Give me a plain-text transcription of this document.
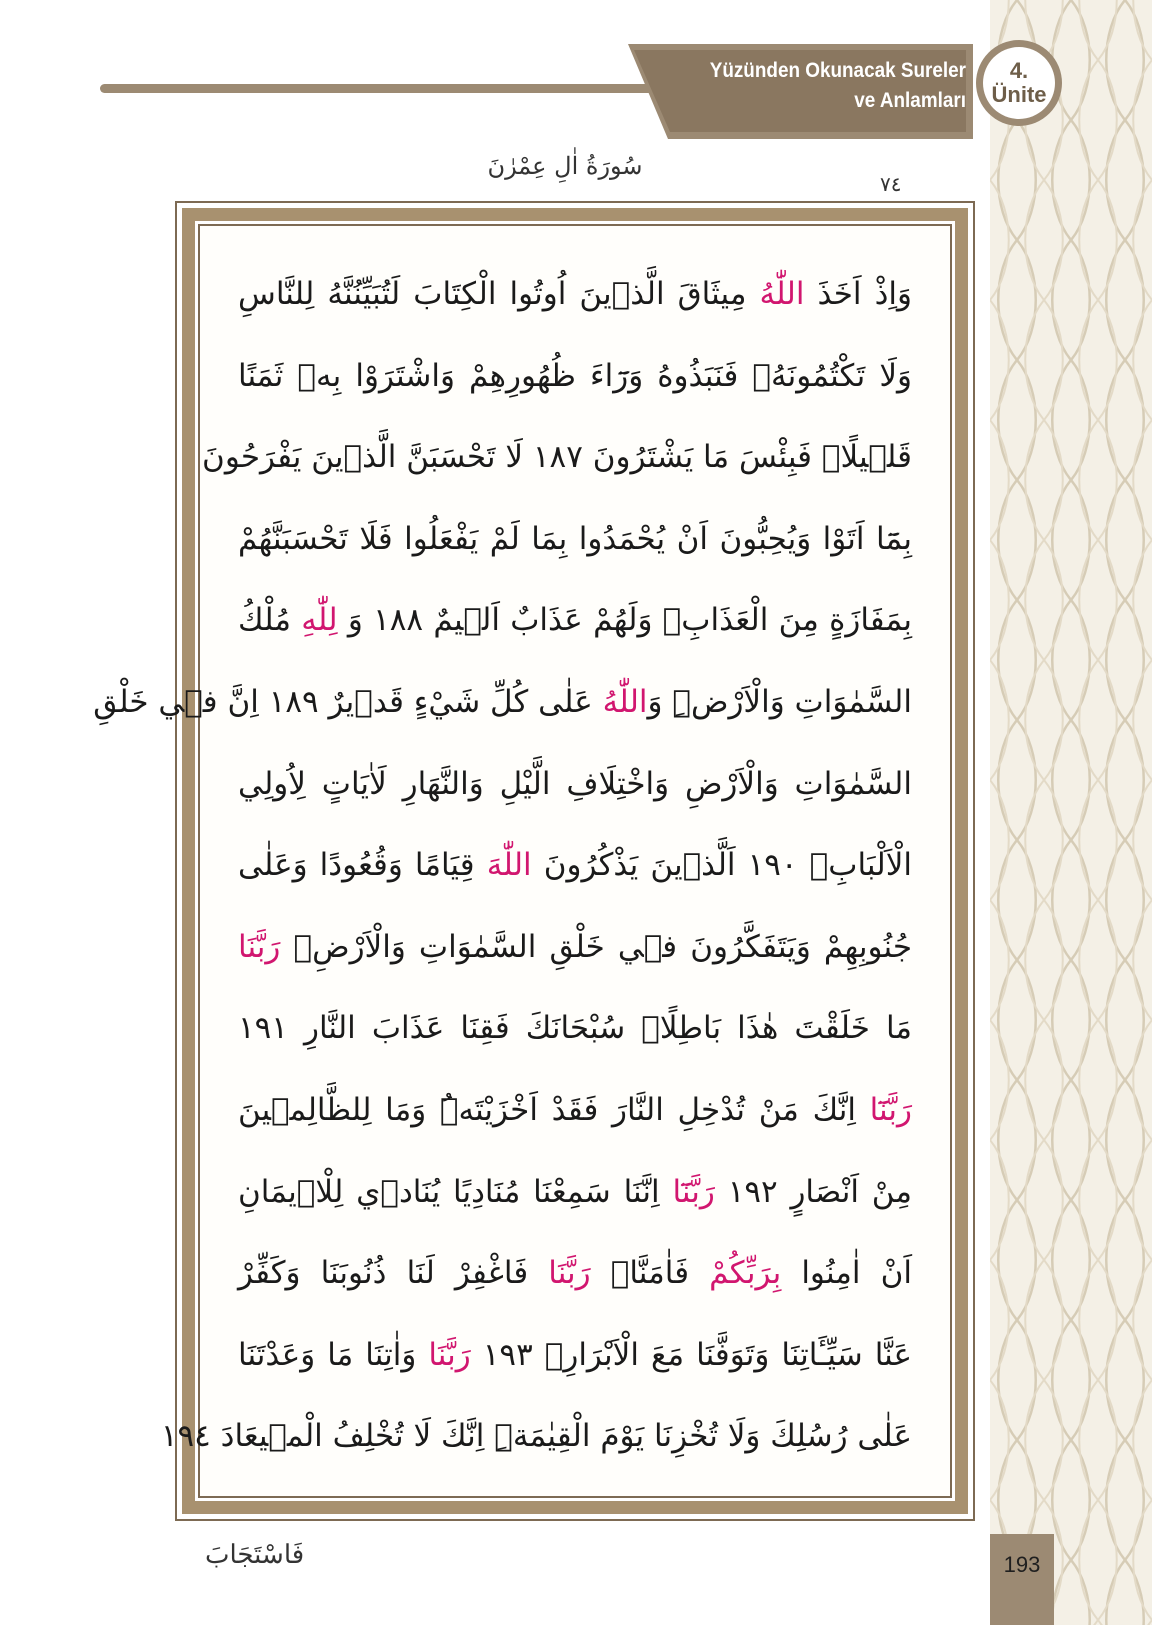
Yüzünden Okunacak Sureler
ve Anlamları
4.
Ünite
سُورَةُ اٰلِ عِمْرٰنَ
٧٤
وَاِذْ اَخَذَ اللّٰهُ مِيثَاقَ الَّذٖينَ اُوتُوا الْكِتَابَ لَتُبَيِّنُنَّهُ لِلنَّاسِ
وَلَا تَكْتُمُونَهُۘ فَنَبَذُوهُ وَرَٓاءَ ظُهُورِهِمْ وَاشْتَرَوْا بِهٖ ثَمَنًا
قَلٖيلًاۜ فَبِئْسَ مَا يَشْتَرُونَ ١٨٧ لَا تَحْسَبَنَّ الَّذٖينَ يَفْرَحُونَ
بِمَٓا اَتَوْا وَيُحِبُّونَ اَنْ يُحْمَدُوا بِمَا لَمْ يَفْعَلُوا فَلَا تَحْسَبَنَّهُمْ
بِمَفَازَةٍ مِنَ الْعَذَابِۚ وَلَهُمْ عَذَابٌ اَلٖيمٌ ١٨٨ وَ لِلّٰهِ مُلْكُ
السَّمٰوَاتِ وَالْاَرْضِۜ وَاللّٰهُ عَلٰى كُلِّ شَيْءٍ قَدٖيرٌ ١٨٩ اِنَّ فٖي خَلْقِ
السَّمٰوَاتِ وَالْاَرْضِ وَاخْتِلَافِ الَّيْلِ وَالنَّهَارِ لَاٰيَاتٍ لِاُولِي
الْاَلْبَابِۚ ١٩٠ اَلَّذٖينَ يَذْكُرُونَ اللّٰهَ قِيَامًا وَقُعُودًا وَعَلٰى
جُنُوبِهِمْ وَيَتَفَكَّرُونَ فٖي خَلْقِ السَّمٰوَاتِ وَالْاَرْضِۚ رَبَّنَا
مَا خَلَقْتَ هٰذَا بَاطِلًاۚ سُبْحَانَكَ فَقِنَا عَذَابَ النَّارِ ١٩١
رَبَّنَٓا اِنَّكَ مَنْ تُدْخِلِ النَّارَ فَقَدْ اَخْزَيْتَهُۜ وَمَا لِلظَّالِمٖينَ
مِنْ اَنْصَارٍ ١٩٢ رَبَّنَٓا اِنَّنَا سَمِعْنَا مُنَادِيًا يُنَادٖي لِلْاٖيمَانِ
اَنْ اٰمِنُوا بِرَبِّكُمْ فَاٰمَنَّاۗ رَبَّنَا فَاغْفِرْ لَنَا ذُنُوبَنَا وَكَفِّرْ
عَنَّا سَيِّـَٔاتِنَا وَتَوَفَّنَا مَعَ الْاَبْرَارِۚ ١٩٣ رَبَّنَا وَاٰتِنَا مَا وَعَدْتَنَا
عَلٰى رُسُلِكَ وَلَا تُخْزِنَا يَوْمَ الْقِيٰمَةِۜ اِنَّكَ لَا تُخْلِفُ الْمٖيعَادَ ١٩٤
فَاسْتَجَابَ	193
